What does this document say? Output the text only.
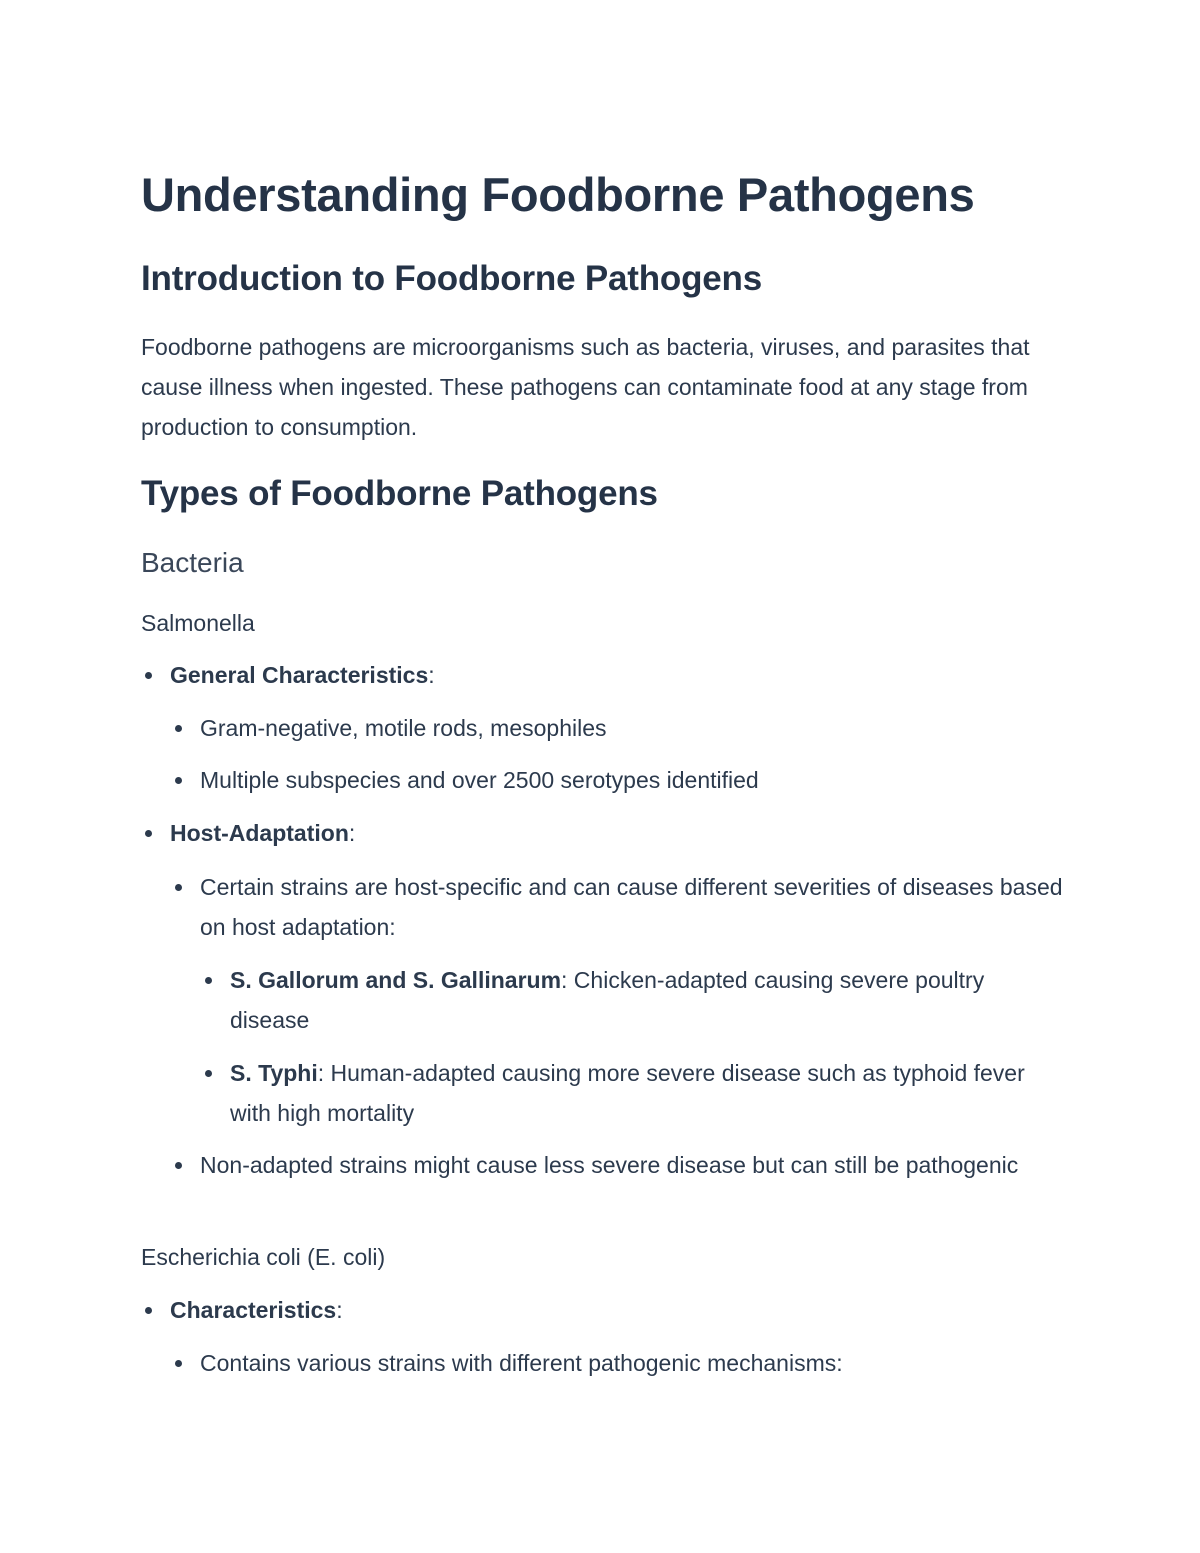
Understanding Foodborne Pathogens
Introduction to Foodborne Pathogens

Foodborne pathogens are microorganisms such as bacteria, viruses, and parasites that cause illness when ingested. These pathogens can contaminate food at any stage from production to consumption.

Types of Foodborne Pathogens
Bacteria
Salmonella
General Characteristics:
Gram-negative, motile rods, mesophiles
Multiple subspecies and over 2500 serotypes identified
Host-Adaptation:
Certain strains are host-specific and can cause different severities of diseases based on host adaptation:
S. Gallorum and S. Gallinarum: Chicken-adapted causing severe poultry disease
S. Typhi: Human-adapted causing more severe disease such as typhoid fever with high mortality
Non-adapted strains might cause less severe disease but can still be pathogenic
Escherichia coli (E. coli)
Characteristics:
Contains various strains with different pathogenic mechanisms:
